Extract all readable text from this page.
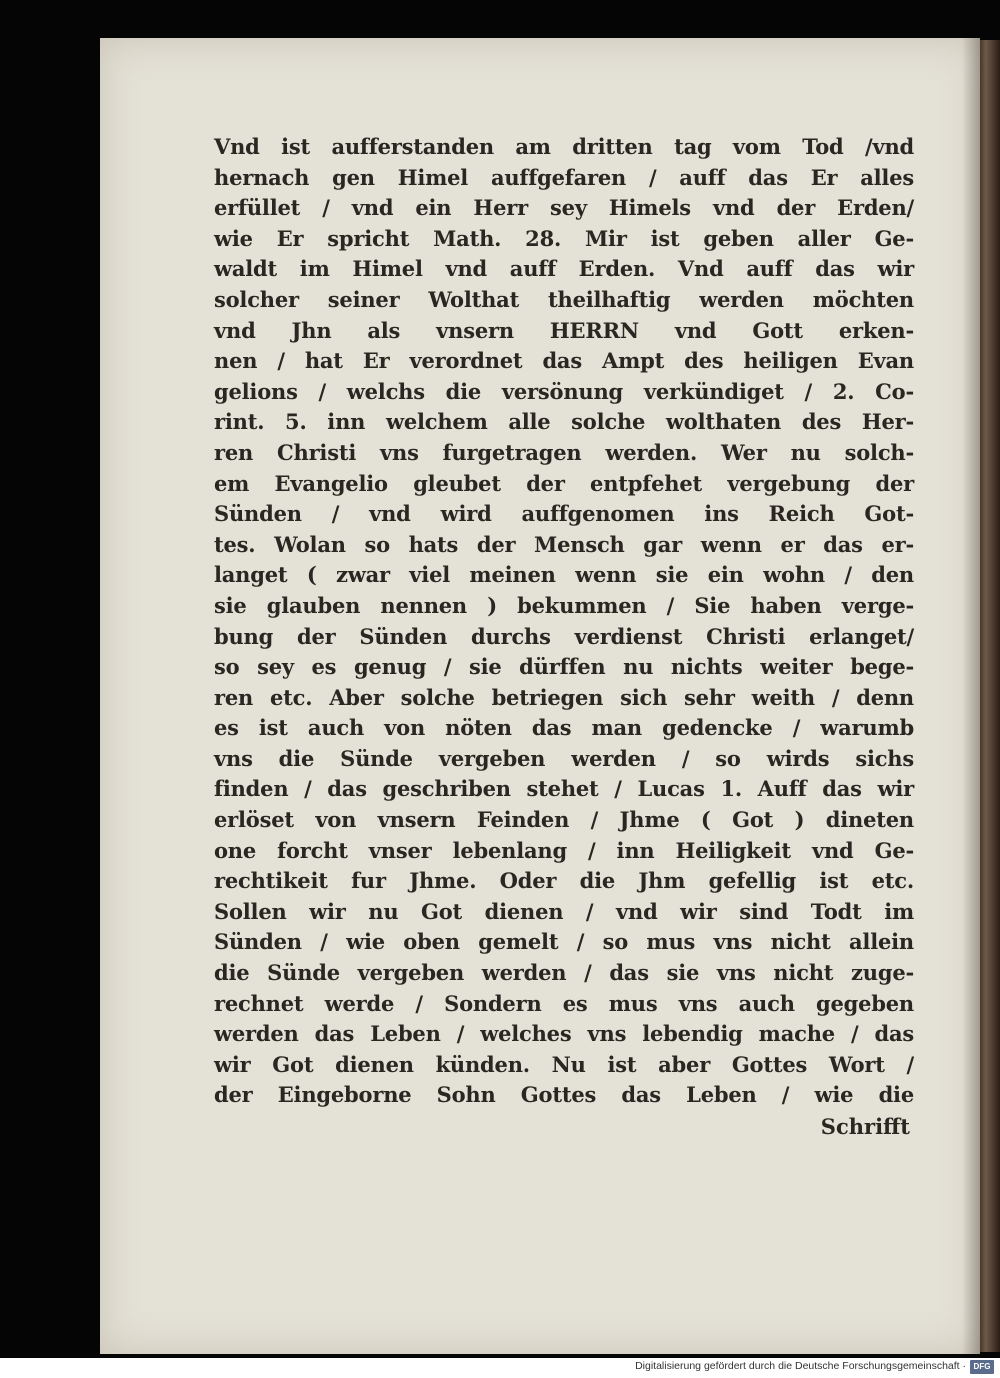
Vnd ist aufferstanden am dritten tag vom Tod /vnd
hernach gen Himel auffgefaren / auff das Er alles
erfüllet / vnd ein Herr sey Himels vnd der Erden/
wie Er spricht Math. 28. Mir ist geben aller Ge-
waldt im Himel vnd auff Erden. Vnd auff das wir
solcher seiner Wolthat theilhaftig werden möchten
vnd Jhn als vnsern HERRN vnd Gott erken-
nen / hat Er verordnet das Ampt des heiligen Evan
gelions / welchs die versönung verkündiget / 2. Co-
rint. 5. inn welchem alle solche wolthaten des Her-
ren Christi vns furgetragen werden. Wer nu solch-
em Evangelio gleubet der entpfehet vergebung der
Sünden / vnd wird auffgenomen ins Reich Got-
tes. Wolan so hats der Mensch gar wenn er das er-
langet ( zwar viel meinen wenn sie ein wohn / den
sie glauben nennen ) bekummen / Sie haben verge-
bung der Sünden durchs verdienst Christi erlanget/
so sey es genug / sie dürffen nu nichts weiter bege-
ren etc. Aber solche betriegen sich sehr weith / denn
es ist auch von nöten das man gedencke / warumb
vns die Sünde vergeben werden / so wirds sichs
finden / das geschriben stehet / Lucas 1. Auff das wir
erlöset von vnsern Feinden / Jhme ( Got ) dineten
one forcht vnser lebenlang / inn Heiligkeit vnd Ge-
rechtikeit fur Jhme. Oder die Jhm gefellig ist etc.
Sollen wir nu Got dienen / vnd wir sind Todt im
Sünden / wie oben gemelt / so mus vns nicht allein
die Sünde vergeben werden / das sie vns nicht zuge-
rechnet werde / Sondern es mus vns auch gegeben
werden das Leben / welches vns lebendig mache / das
wir Got dienen künden. Nu ist aber Gottes Wort /
der Eingeborne Sohn Gottes das Leben / wie die
Schrifft
Digitalisierung gefördert durch die Deutsche Forschungsgemeinschaft · DFG
